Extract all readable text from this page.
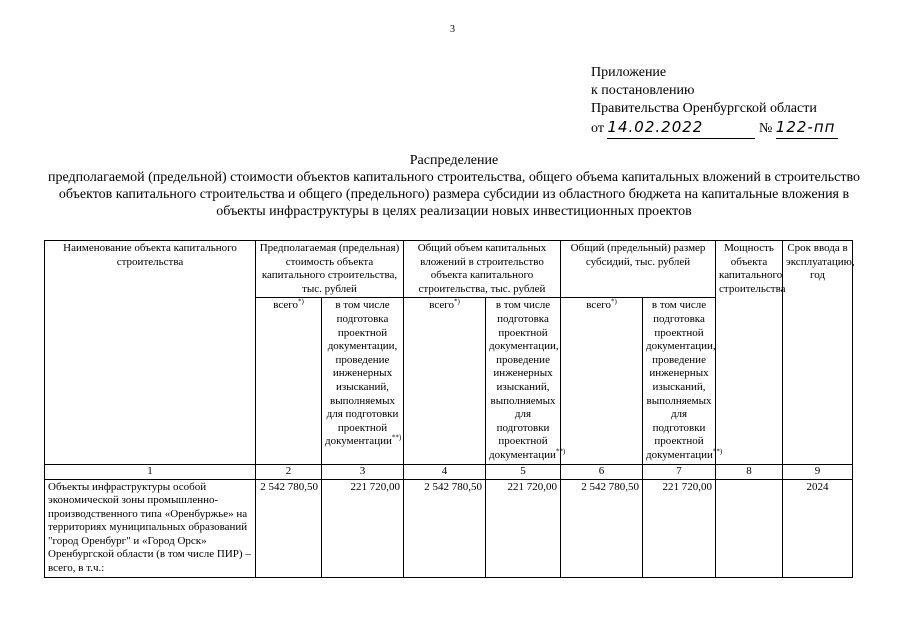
3
Приложение
к постановлению
Правительства Оренбургской области
от 14.02.2022	№ 122-пп
Распределение
предполагаемой (предельной) стоимости объектов капитального строительства, общего объема капитальных вложений в строительство объектов капитального строительства и общего (предельного) размера субсидии из областного бюджета на капитальные вложения в объекты инфраструктуры в целях реализации новых инвестиционных проектов
Наименование объекта капитального строительства	Предполагаемая (предельная) стоимость объекта капитального строительства, тыс. рублей		Общий объем капитальных вложений в строительство объекта капитального строительства, тыс. рублей		Общий (предельный) размер субсидий, тыс. рублей		Мощность объекта капитального строительства	Срок ввода в эксплуатацию, год
	всего*)	в том числе подготовка проектной документации, проведение инженерных изысканий, выполняемых для подготовки проектной документации**)	всего*)	в том числе подготовка проектной документации, проведение инженерных изысканий, выполняемых для подготовки проектной документации**)	всего*)	в том числе подготовка проектной документации, проведение инженерных изысканий, выполняемых для подготовки проектной документации**)
1	2	3	4	5	6	7	8	9
Объекты инфраструктуры особой экономической зоны промышленно-производственного типа «Оренбуржье» на территориях муниципальных образований "город Оренбург" и «Город Орск» Оренбургской области (в том числе ПИР) – всего, в т.ч.:	2 542 780,50	221 720,00	2 542 780,50	221 720,00	2 542 780,50	221 720,00		2024
